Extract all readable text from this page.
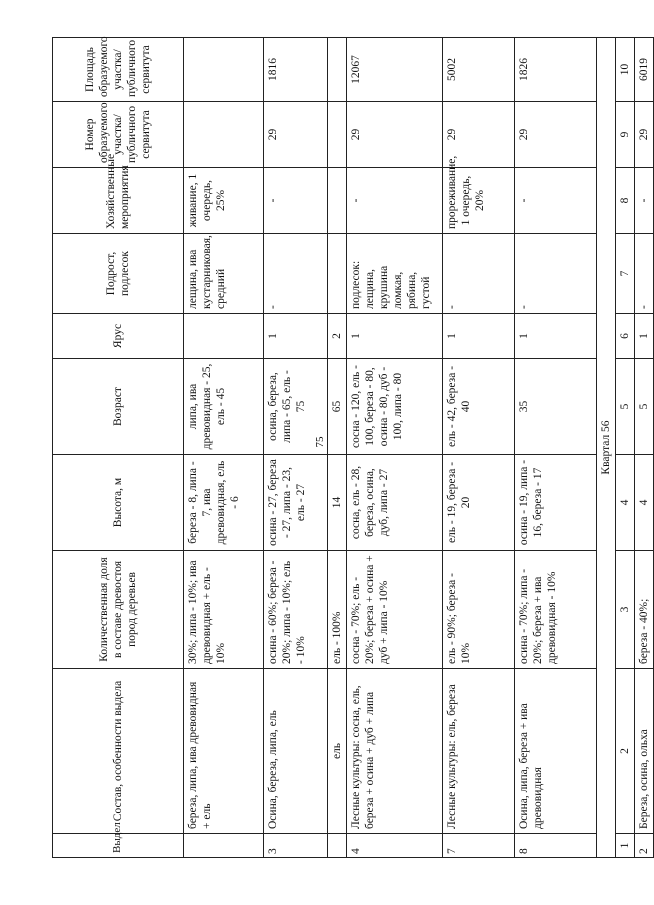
75
Выдел	Состав, особенности выдела	Количественная доля в составе древостоя пород деревьев	Высота, м	Возраст	Ярус	Подрост, подлесок	Хозяйственные мероприятия	Номер образуемого участка/ публичного сервитута	Площадь образуемого участка/ публичного сервитута
	береза, липа, ива древовидная + ель	30%; липа - 10%; ива древовидная + ель - 10%	береза - 8, липа - 7, ива древовидная, ель - 6	липа, ива древовидная - 25, ель - 45		лещина, ива кустарниковая, средний	живание, 1 очередь, 25%		
3	Осина, береза, липа, ель	осина - 60%; береза - 20%; липа - 10%; ель - 10%	осина - 27, береза - 27, липа - 23, ель - 27	осина, береза, липа - 65, ель - 75	1	-	-	29	1816
	ель	ель - 100%	14	65	2				
4	Лесные культуры: сосна, ель, береза + осина + дуб + липа	сосна - 70%; ель - 20%; береза + осина + дуб + липа - 10%	сосна, ель - 28, береза, осина, дуб, липа - 27	сосна - 120, ель - 100, береза - 80, осина - 80, дуб - 100, липа - 80	1	подлесок: лещина, крушина ломкая, рябина, густой	-	29	12067
7	Лесные культуры: ель, береза	ель - 90%; береза - 10%	ель - 19, береза - 20	ель - 42, береза - 40	1	-	прореживание, 1 очередь, 20%	29	5002
8	Осина, липа, береза + ива древовидная	осина - 70%; липа - 20%; береза + ива древовидная - 10%	осина - 19, липа - 16, береза - 17	35	1	-	-	29	1826
Квартал 56									
1	2	3	4	5	6	7	8	9	10
2	Береза, осина, ольха	береза - 40%;	4	5	1	-	-	29	6019
